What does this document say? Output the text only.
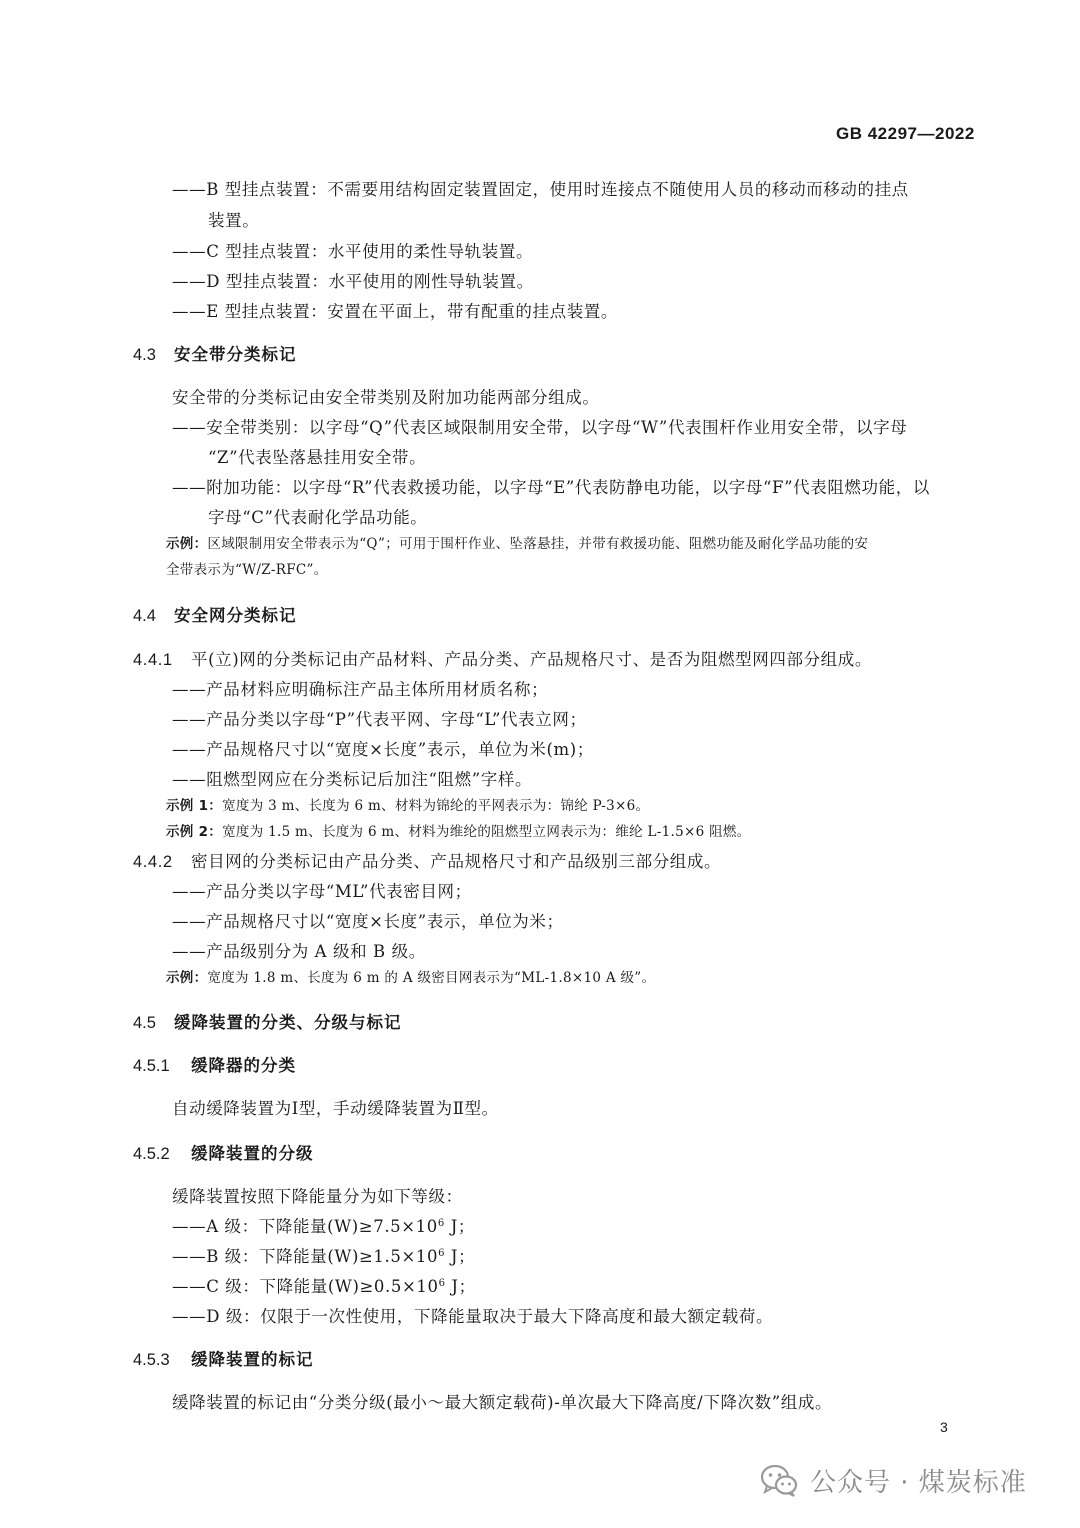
GB 42297—2022
——B 型挂点装置：不需要用结构固定装置固定，使用时连接点不随使用人员的移动而移动的挂点
装置。
——C 型挂点装置：水平使用的柔性导轨装置。
——D 型挂点装置：水平使用的刚性导轨装置。
——E 型挂点装置：安置在平面上，带有配重的挂点装置。
4.3 安全带分类标记
安全带的分类标记由安全带类别及附加功能两部分组成。
——安全带类别：以字母“Q”代表区域限制用安全带，以字母“W”代表围杆作业用安全带，以字母
“Z”代表坠落悬挂用安全带。
——附加功能：以字母“R”代表救援功能，以字母“E”代表防静电功能，以字母“F”代表阻燃功能，以
字母“C”代表耐化学品功能。
示例：区域限制用安全带表示为“Q”；可用于围杆作业、坠落悬挂，并带有救援功能、阻燃功能及耐化学品功能的安
全带表示为“W/Z-RFC”。
4.4 安全网分类标记
4.4.1 平(立)网的分类标记由产品材料、产品分类、产品规格尺寸、是否为阻燃型网四部分组成。
——产品材料应明确标注产品主体所用材质名称；
——产品分类以字母“P”代表平网、字母“L”代表立网；
——产品规格尺寸以“宽度×长度”表示，单位为米(m)；
——阻燃型网应在分类标记后加注“阻燃”字样。
示例 1：宽度为 3 m、长度为 6 m、材料为锦纶的平网表示为：锦纶 P-3×6。
示例 2：宽度为 1.5 m、长度为 6 m、材料为维纶的阻燃型立网表示为：维纶 L-1.5×6 阻燃。
4.4.2 密目网的分类标记由产品分类、产品规格尺寸和产品级别三部分组成。
——产品分类以字母“ML”代表密目网；
——产品规格尺寸以“宽度×长度”表示，单位为米；
——产品级别分为 A 级和 B 级。
示例：宽度为 1.8 m、长度为 6 m 的 A 级密目网表示为“ML-1.8×10 A 级”。
4.5 缓降装置的分类、分级与标记
4.5.1 缓降器的分类
自动缓降装置为Ⅰ型，手动缓降装置为Ⅱ型。
4.5.2 缓降装置的分级
缓降装置按照下降能量分为如下等级：
——A 级：下降能量$(W)\ge 7.5\times 10^6$ J；
——B 级：下降能量$(W)\ge 1.5\times 10^6$ J；
——C 级：下降能量$(W)\ge 0.5\times 10^6$ J；
——D 级：仅限于一次性使用，下降能量取决于最大下降高度和最大额定载荷。
4.5.3 缓降装置的标记
缓降装置的标记由“分类分级(最小～最大额定载荷)-单次最大下降高度/下降次数”组成。
3
公众号 · 煤炭标准
